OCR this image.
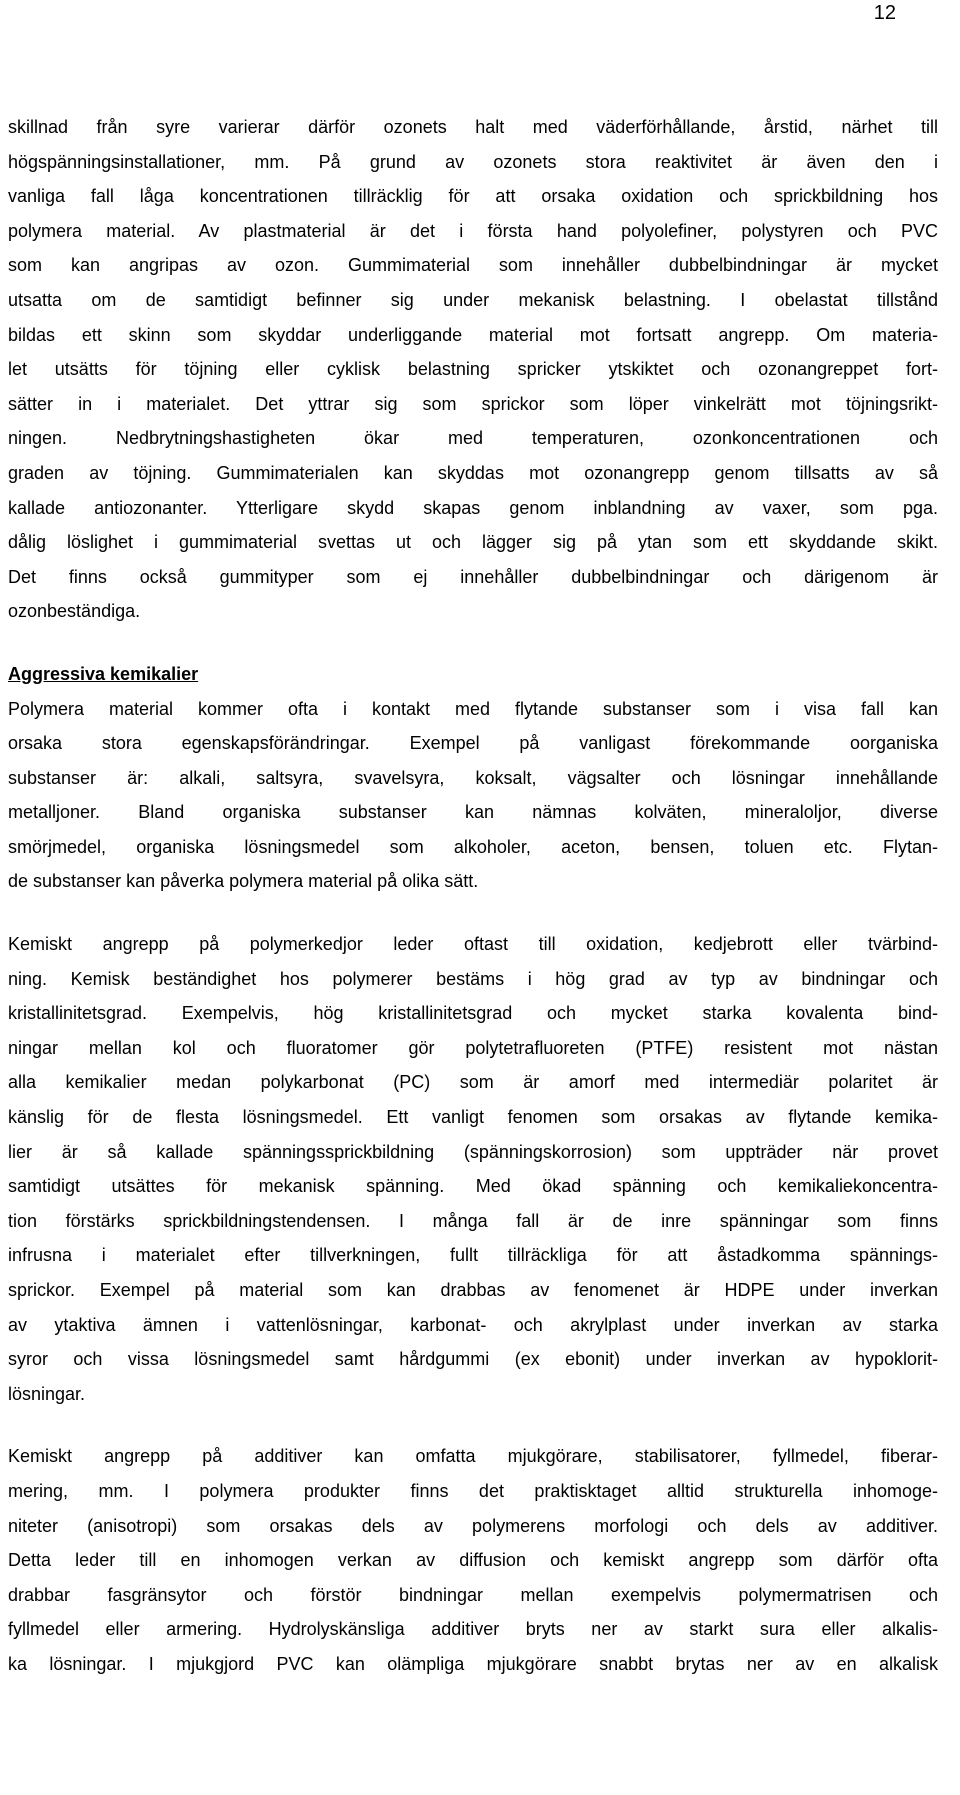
12

skillnad från syre varierar därför ozonets halt med väderförhållande, årstid, närhet till
högspänningsinstallationer, mm. På grund av ozonets stora reaktivitet är även den i
vanliga fall låga koncentrationen tillräcklig för att orsaka oxidation och sprickbildning hos
polymera material. Av plastmaterial är det i första hand polyolefiner, polystyren och PVC
som kan angripas av ozon. Gummimaterial som innehåller dubbelbindningar är mycket
utsatta om de samtidigt befinner sig under mekanisk belastning. I obelastat tillstånd
bildas ett skinn som skyddar underliggande material mot fortsatt angrepp. Om materia-
let utsätts för töjning eller cyklisk belastning spricker ytskiktet och ozonangreppet fort-
sätter in i materialet. Det yttrar sig som sprickor som löper vinkelrätt mot töjningsrikt-
ningen. Nedbrytningshastigheten ökar med temperaturen, ozonkoncentrationen och
graden av töjning. Gummimaterialen kan skyddas mot ozonangrepp genom tillsatts av så
kallade antiozonanter. Ytterligare skydd skapas genom inblandning av vaxer, som pga.
dålig löslighet i gummimaterial svettas ut och lägger sig på ytan som ett skyddande skikt.
Det finns också gummityper som ej innehåller dubbelbindningar och därigenom är
ozonbeständiga.

Aggressiva kemikalier

Polymera material kommer ofta i kontakt med flytande substanser som i visa fall kan
orsaka stora egenskapsförändringar. Exempel på vanligast förekommande oorganiska
substanser är: alkali, saltsyra, svavelsyra, koksalt, vägsalter och lösningar innehållande
metalljoner. Bland organiska substanser kan nämnas kolväten, mineraloljor, diverse
smörjmedel, organiska lösningsmedel som alkoholer, aceton, bensen, toluen etc. Flytan-
de substanser kan påverka polymera material på olika sätt.

Kemiskt angrepp på polymerkedjor leder oftast till oxidation, kedjebrott eller tvärbind-
ning. Kemisk beständighet hos polymerer bestäms i hög grad av typ av bindningar och
kristallinitetsgrad. Exempelvis, hög kristallinitetsgrad och mycket starka kovalenta bind-
ningar mellan kol och fluoratomer gör polytetrafluoreten (PTFE) resistent mot nästan
alla kemikalier medan polykarbonat (PC) som är amorf med intermediär polaritet är
känslig för de flesta lösningsmedel. Ett vanligt fenomen som orsakas av flytande kemika-
lier är så kallade spänningssprickbildning (spänningskorrosion) som uppträder när provet
samtidigt utsättes för mekanisk spänning. Med ökad spänning och kemikaliekoncentra-
tion förstärks sprickbildningstendensen. I många fall är de inre spänningar som finns
infrusna i materialet efter tillverkningen, fullt tillräckliga för att åstadkomma spännings-
sprickor. Exempel på material som kan drabbas av fenomenet är HDPE under inverkan
av ytaktiva ämnen i vattenlösningar, karbonat- och akrylplast under inverkan av starka
syror och vissa lösningsmedel samt hårdgummi (ex ebonit) under inverkan av hypoklorit-
lösningar.

Kemiskt angrepp på additiver kan omfatta mjukgörare, stabilisatorer, fyllmedel, fiberar-
mering, mm. I polymera produkter finns det praktisktaget alltid strukturella inhomoge-
niteter (anisotropi) som orsakas dels av polymerens morfologi och dels av additiver.
Detta leder till en inhomogen verkan av diffusion och kemiskt angrepp som därför ofta
drabbar fasgränsytor och förstör bindningar mellan exempelvis polymermatrisen och
fyllmedel eller armering. Hydrolyskänsliga additiver bryts ner av starkt sura eller alkalis-
ka lösningar. I mjukgjord PVC kan olämpliga mjukgörare snabbt brytas ner av en alkalisk
